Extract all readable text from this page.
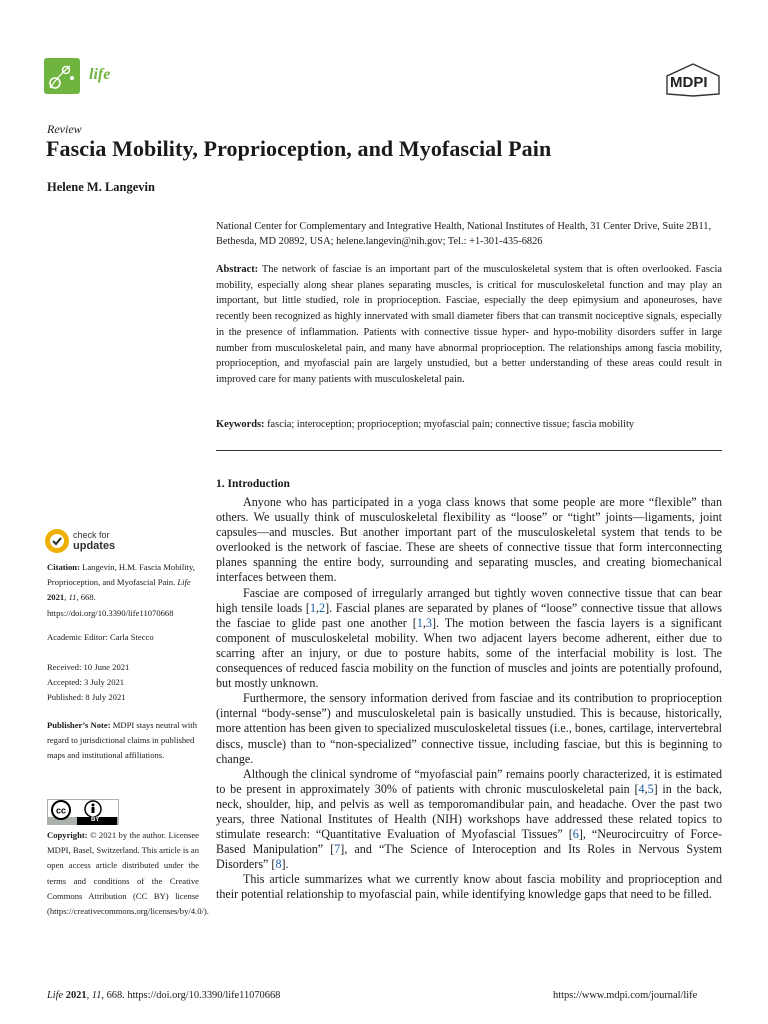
life	MDPI
Review
Fascia Mobility, Proprioception, and Myofascial Pain
Helene M. Langevin
National Center for Complementary and Integrative Health, National Institutes of Health, 31 Center Drive, Suite 2B11, Bethesda, MD 20892, USA; helene.langevin@nih.gov; Tel.: +1-301-435-6826
Abstract: The network of fasciae is an important part of the musculoskeletal system that is often overlooked. Fascia mobility, especially along shear planes separating muscles, is critical for musculoskeletal function and may play an important, but little studied, role in proprioception. Fasciae, especially the deep epimysium and aponeuroses, have recently been recognized as highly innervated with small diameter fibers that can transmit nociceptive signals, especially in the presence of inflammation. Patients with connective tissue hyper- and hypo-mobility disorders suffer in large number from musculoskeletal pain, and many have abnormal proprioception. The relationships among fascia mobility, proprioception, and myofascial pain are largely unstudied, but a better understanding of these areas could result in improved care for many patients with musculoskeletal pain.
Keywords: fascia; interoception; proprioception; myofascial pain; connective tissue; fascia mobility
1. Introduction

Anyone who has participated in a yoga class knows that some people are more “flexible” than others. We usually think of musculoskeletal flexibility as “loose” or “tight” joints—ligaments, joint capsules—and muscles. But another important part of the musculoskeletal system that tends to be overlooked is the network of fasciae. These are sheets of connective tissue that form interconnecting planes spanning the entire body, surrounding and separating muscles, and creating biomechanical interfaces between them.

Fasciae are composed of irregularly arranged but tightly woven connective tissue that can bear high tensile loads [1,2]. Fascial planes are separated by planes of “loose” connective tissue that allows the fasciae to glide past one another [1,3]. The motion between the fascia layers is a significant component of musculoskeletal mobility. When two adjacent layers become adherent, either due to scarring after an injury, or due to posture habits, some of the interfacial mobility is lost. The consequences of reduced fascia mobility on the function of muscles and joints are potentially profound, but mostly unknown.

Furthermore, the sensory information derived from fasciae and its contribution to proprioception (internal “body-sense”) and musculoskeletal pain is basically unstudied. This is because, historically, more attention has been given to specialized musculoskeletal tissues (i.e., bones, cartilage, intervertebral discs, muscle) than to “non-specialized” connective tissue, including fasciae, but this is beginning to change.

Although the clinical syndrome of “myofascial pain” remains poorly characterized, it is estimated to be present in approximately 30% of patients with chronic musculoskeletal pain [4,5] in the back, neck, shoulder, hip, and pelvis as well as temporomandibular pain, and headache. Over the past two years, three National Institutes of Health (NIH) workshops have addressed these related topics to stimulate research: “Quantitative Evaluation of Myofascial Tissues” [6], “Neurocircuitry of Force-Based Manipulation” [7], and “The Science of Interoception and Its Roles in Nervous System Disorders” [8].

This article summarizes what we currently know about fascia mobility and proprioception and their potential relationship to myofascial pain, while identifying knowledge gaps that need to be filled.

check for
updates
Citation: Langevin, H.M. Fascia Mobility, Proprioception, and Myofascial Pain. Life 2021, 11, 668. https://doi.org/10.3390/life11070668
Academic Editor: Carla Stecco
Received: 10 June 2021
Accepted: 3 July 2021
Published: 8 July 2021
Publisher’s Note: MDPI stays neutral with regard to jurisdictional claims in published maps and institutional affiliations.
cc
BY
Copyright: © 2021 by the author. Licensee MDPI, Basel, Switzerland. This article is an open access article distributed under the terms and conditions of the Creative Commons Attribution (CC BY) license (https://creativecommons.org/licenses/by/4.0/).
Life 2021, 11, 668. https://doi.org/10.3390/life11070668	https://www.mdpi.com/journal/life
